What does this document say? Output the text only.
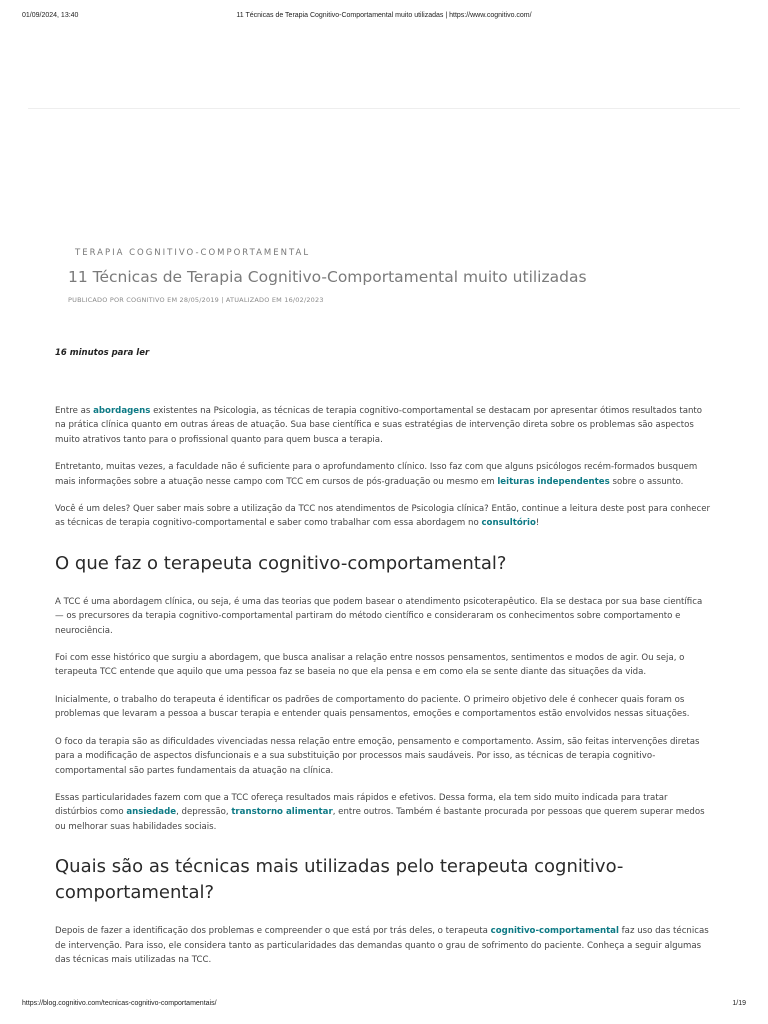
01/09/2024, 13:40	11 Técnicas de Terapia Cognitivo-Comportamental muito utilizadas | https://www.cognitivo.com/
TERAPIA COGNITIVO-COMPORTAMENTAL
11 Técnicas de Terapia Cognitivo-Comportamental muito utilizadas
PUBLICADO POR COGNITIVO EM 28/05/2019 | ATUALIZADO EM 16/02/2023
16 minutos para ler

Entre as abordagens existentes na Psicologia, as técnicas de terapia cognitivo-comportamental se destacam por apresentar ótimos resultados tanto na prática clínica quanto em outras áreas de atuação. Sua base científica e suas estratégias de intervenção direta sobre os problemas são aspectos muito atrativos tanto para o profissional quanto para quem busca a terapia.

Entretanto, muitas vezes, a faculdade não é suficiente para o aprofundamento clínico. Isso faz com que alguns psicólogos recém-formados busquem mais informações sobre a atuação nesse campo com TCC em cursos de pós-graduação ou mesmo em leituras independentes sobre o assunto.

Você é um deles? Quer saber mais sobre a utilização da TCC nos atendimentos de Psicologia clínica? Então, continue a leitura deste post para conhecer as técnicas de terapia cognitivo-comportamental e saber como trabalhar com essa abordagem no consultório!

O que faz o terapeuta cognitivo-comportamental?

A TCC é uma abordagem clínica, ou seja, é uma das teorias que podem basear o atendimento psicoterapêutico. Ela se destaca por sua base científica — os precursores da terapia cognitivo-comportamental partiram do método científico e consideraram os conhecimentos sobre comportamento e neurociência.

Foi com esse histórico que surgiu a abordagem, que busca analisar a relação entre nossos pensamentos, sentimentos e modos de agir. Ou seja, o terapeuta TCC entende que aquilo que uma pessoa faz se baseia no que ela pensa e em como ela se sente diante das situações da vida.

Inicialmente, o trabalho do terapeuta é identificar os padrões de comportamento do paciente. O primeiro objetivo dele é conhecer quais foram os problemas que levaram a pessoa a buscar terapia e entender quais pensamentos, emoções e comportamentos estão envolvidos nessas situações.

O foco da terapia são as dificuldades vivenciadas nessa relação entre emoção, pensamento e comportamento. Assim, são feitas intervenções diretas para a modificação de aspectos disfuncionais e a sua substituição por processos mais saudáveis. Por isso, as técnicas de terapia cognitivo-comportamental são partes fundamentais da atuação na clínica.

Essas particularidades fazem com que a TCC ofereça resultados mais rápidos e efetivos. Dessa forma, ela tem sido muito indicada para tratar distúrbios como ansiedade, depressão, transtorno alimentar, entre outros. Também é bastante procurada por pessoas que querem superar medos ou melhorar suas habilidades sociais.

Quais são as técnicas mais utilizadas pelo terapeuta cognitivo-comportamental?

Depois de fazer a identificação dos problemas e compreender o que está por trás deles, o terapeuta cognitivo-comportamental faz uso das técnicas de intervenção. Para isso, ele considera tanto as particularidades das demandas quanto o grau de sofrimento do paciente. Conheça a seguir algumas das técnicas mais utilizadas na TCC.

https://blog.cognitivo.com/tecnicas-cognitivo-comportamentais/	1/19
